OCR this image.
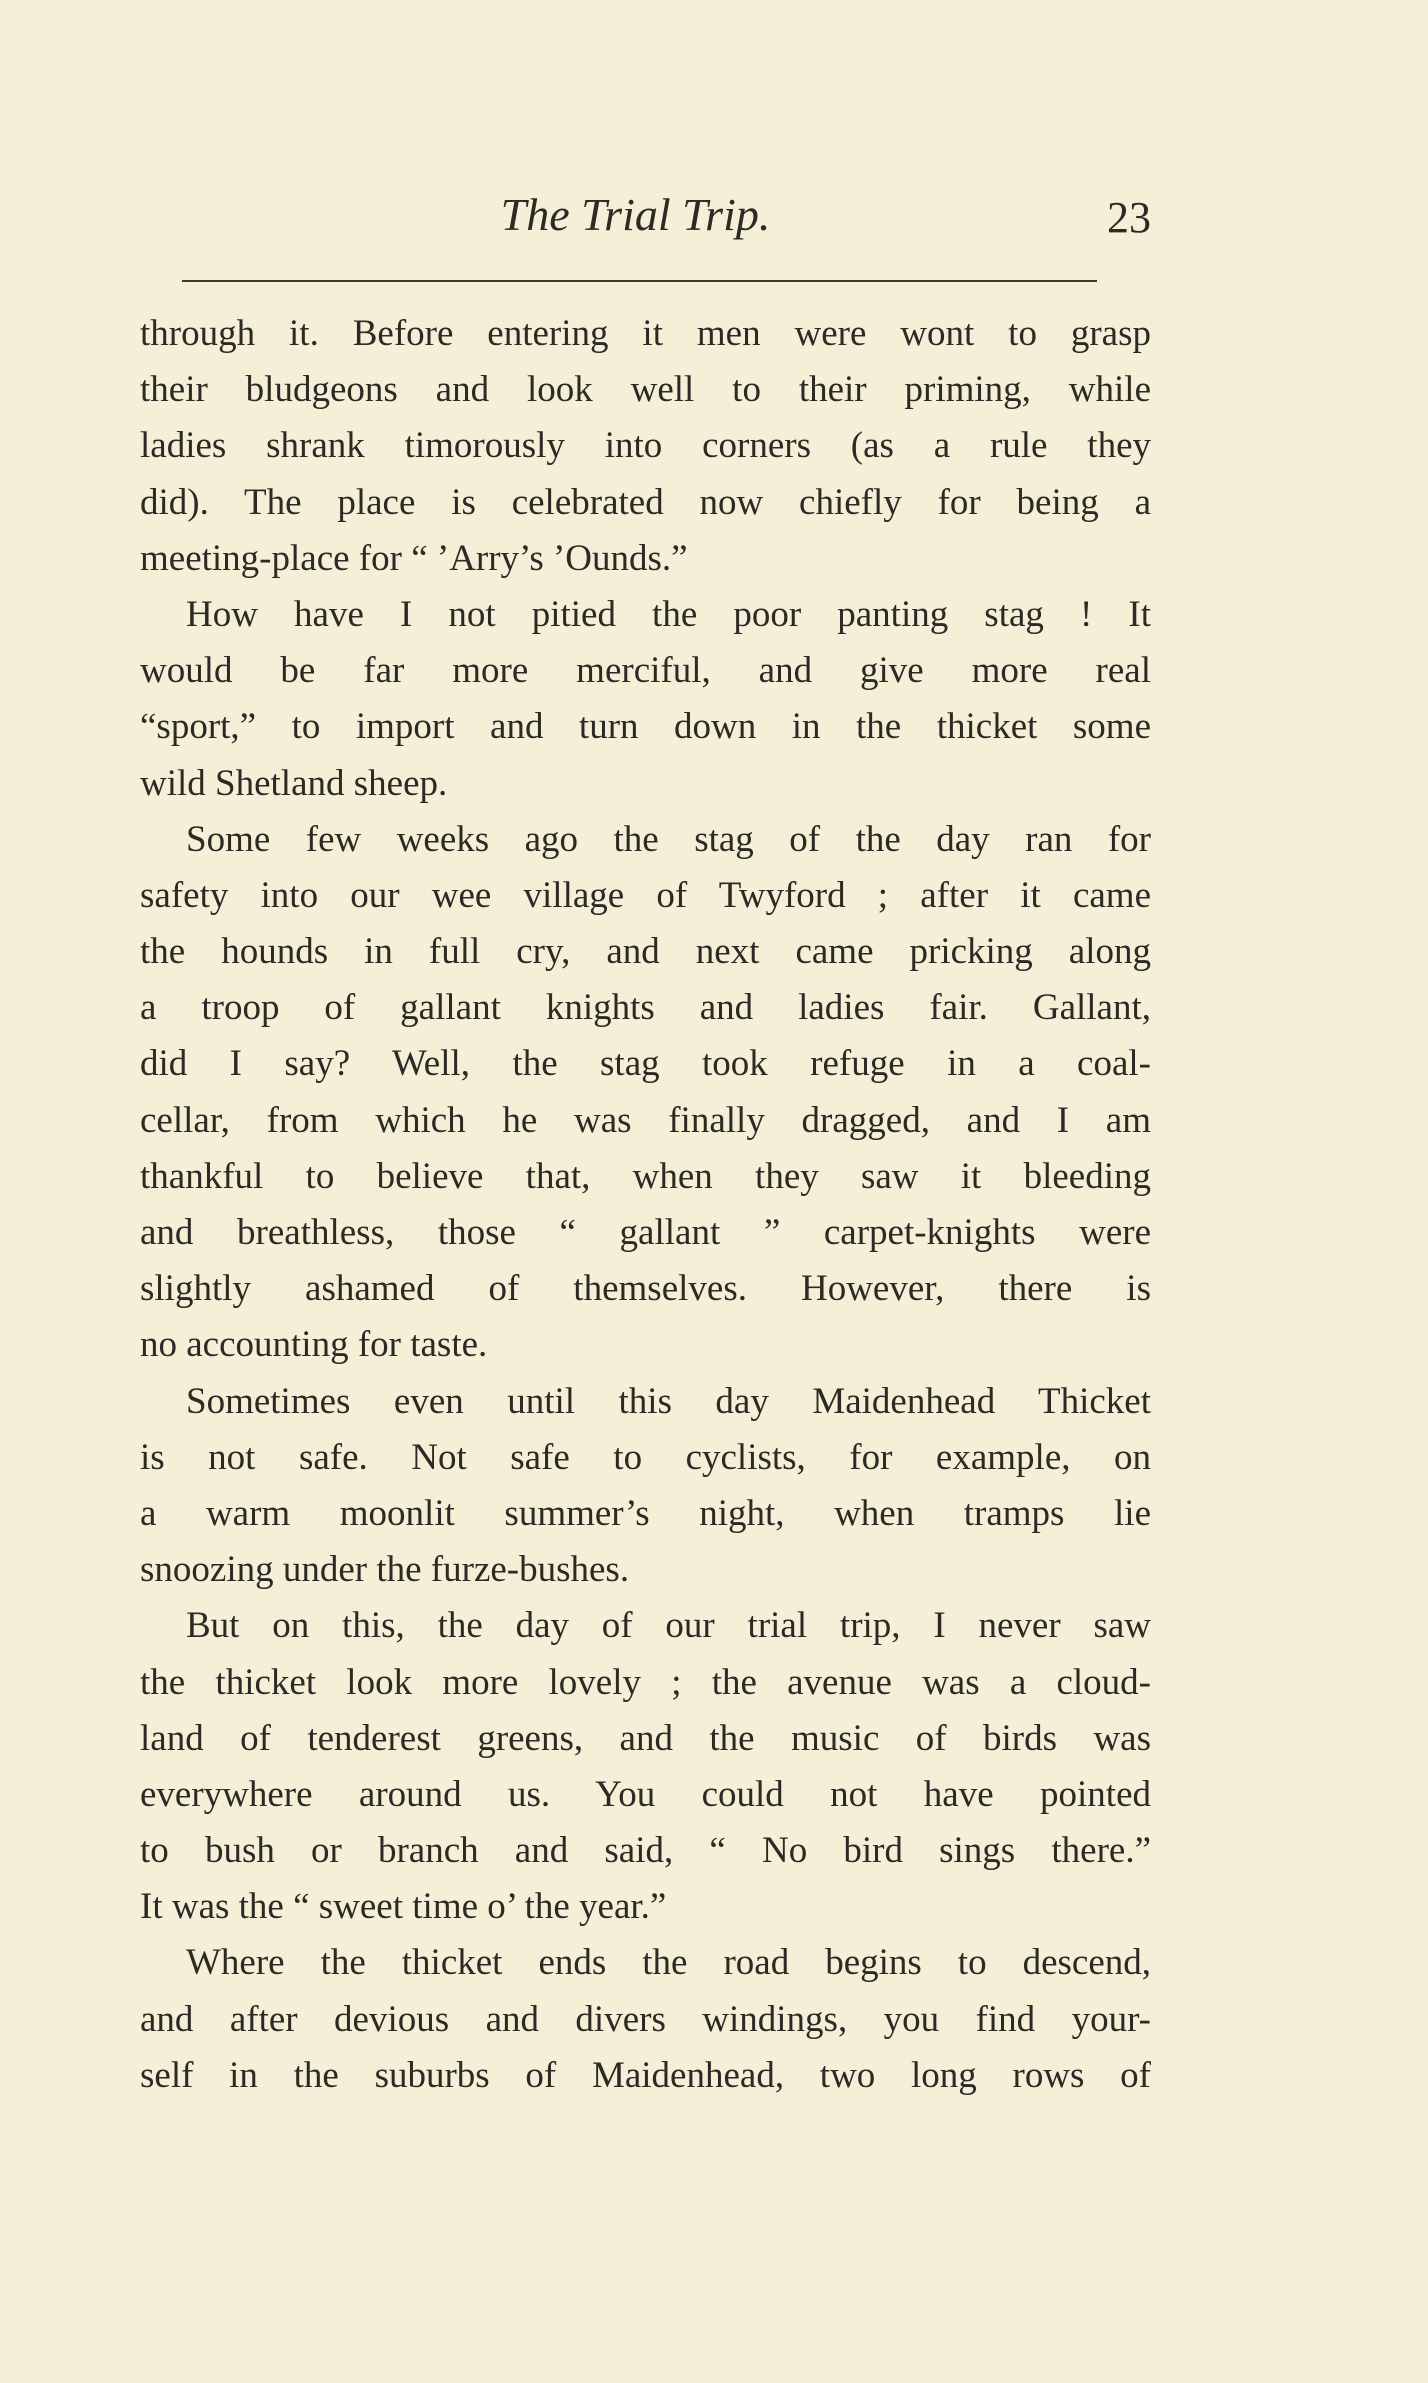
The Trial Trip.	23
through it. Before entering it men were wont to grasp
their bludgeons and look well to their priming, while
ladies shrank timorously into corners (as a rule they
did). The place is celebrated now chiefly for being a
meeting-place for “ ’Arry’s ’Ounds.”
How have I not pitied the poor panting stag ! It
would be far more merciful, and give more real
“sport,” to import and turn down in the thicket some
wild Shetland sheep.
Some few weeks ago the stag of the day ran for
safety into our wee village of Twyford ; after it came
the hounds in full cry, and next came pricking along
a troop of gallant knights and ladies fair. Gallant,
did I say? Well, the stag took refuge in a coal-
cellar, from which he was finally dragged, and I am
thankful to believe that, when they saw it bleeding
and breathless, those “ gallant ” carpet-knights were
slightly ashamed of themselves. However, there is
no accounting for taste.
Sometimes even until this day Maidenhead Thicket
is not safe. Not safe to cyclists, for example, on
a warm moonlit summer’s night, when tramps lie
snoozing under the furze-bushes.
But on this, the day of our trial trip, I never saw
the thicket look more lovely ; the avenue was a cloud-
land of tenderest greens, and the music of birds was
everywhere around us. You could not have pointed
to bush or branch and said, “ No bird sings there.”
It was the “ sweet time o’ the year.”
Where the thicket ends the road begins to descend,
and after devious and divers windings, you find your-
self in the suburbs of Maidenhead, two long rows of
